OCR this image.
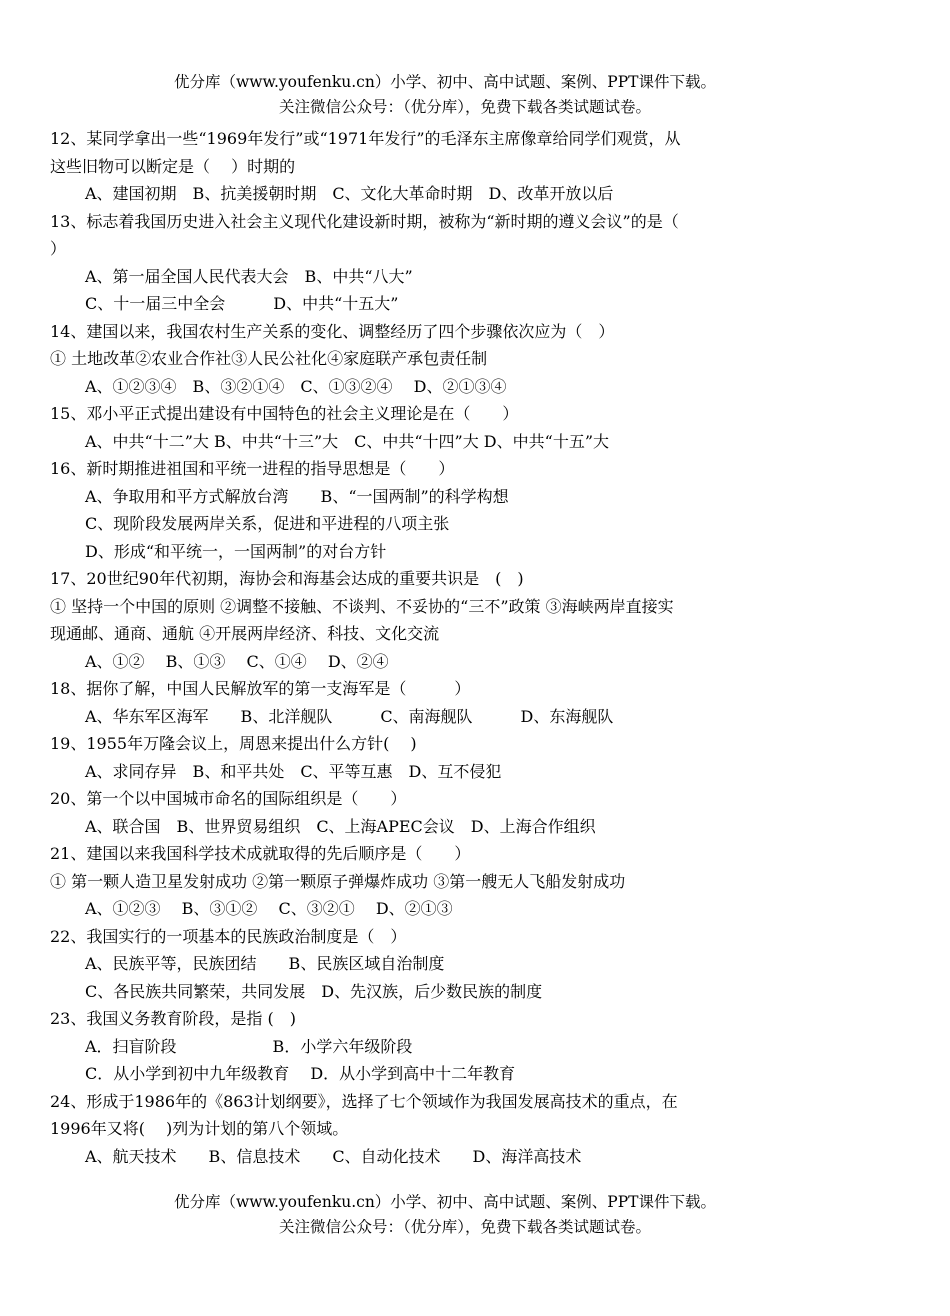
优分库（www.youfenku.cn）小学、初中、高中试题、案例、PPT课件下载。
关注微信公众号：（优分库），免费下载各类试题试卷。
12、某同学拿出一些“1969年发行”或“1971年发行”的毛泽东主席像章给同学们观赏，从
这些旧物可以断定是（　 ）时期的
A、建国初期　B、抗美援朝时期　C、文化大革命时期　D、改革开放以后
13、标志着我国历史进入社会主义现代化建设新时期，被称为“新时期的遵义会议”的是（
）
A、第一届全国人民代表大会　B、中共“八大”
C、十一届三中全会　　　D、中共“十五大”
14、建国以来，我国农村生产关系的变化、调整经历了四个步骤依次应为（　）
① 土地改革②农业合作社③人民公社化④家庭联产承包责任制
A、①②③④　B、③②①④　C、①③②④　 D、②①③④
15、邓小平正式提出建设有中国特色的社会主义理论是在（　　）
A、中共“十二”大 B、中共“十三”大　C、中共“十四”大 D、中共“十五”大
16、新时期推进祖国和平统一进程的指导思想是（　　）
A、争取用和平方式解放台湾　　B、“一国两制”的科学构想
C、现阶段发展两岸关系，促进和平进程的八项主张
D、形成“和平统一，一国两制”的对台方针
17、20世纪90年代初期，海协会和海基会达成的重要共识是　(　)
① 坚持一个中国的原则 ②调整不接触、不谈判、不妥协的“三不”政策 ③海峡两岸直接实
现通邮、通商、通航 ④开展两岸经济、科技、文化交流
A、①②　 B、①③　 C、①④　 D、②④
18、据你了解，中国人民解放军的第一支海军是（　　　）
A、华东军区海军　　B、北洋舰队　　　C、南海舰队　　　D、东海舰队
19、1955年万隆会议上，周恩来提出什么方针(　 )
A、求同存异　B、和平共处　C、平等互惠　D、互不侵犯
20、第一个以中国城市命名的国际组织是（　　）
A、联合国　B、世界贸易组织　C、上海APEC会议　D、上海合作组织
21、建国以来我国科学技术成就取得的先后顺序是（　　）
① 第一颗人造卫星发射成功 ②第一颗原子弹爆炸成功 ③第一艘无人飞船发射成功
A、①②③　 B、③①②　 C、③②①　 D、②①③
22、我国实行的一项基本的民族政治制度是（　）
A、民族平等，民族团结　　B、民族区域自治制度
C、各民族共同繁荣，共同发展　D、先汉族，后少数民族的制度
23、我国义务教育阶段，是指 (　)
A．扫盲阶段　　　　　　B．小学六年级阶段
C．从小学到初中九年级教育　 D．从小学到高中十二年教育
24、形成于1986年的《863计划纲要》，选择了七个领域作为我国发展高技术的重点，在
1996年又将(　 )列为计划的第八个领域。
A、航天技术　　B、信息技术　　C、自动化技术　　D、海洋高技术
优分库（www.youfenku.cn）小学、初中、高中试题、案例、PPT课件下载。
关注微信公众号：（优分库），免费下载各类试题试卷。
